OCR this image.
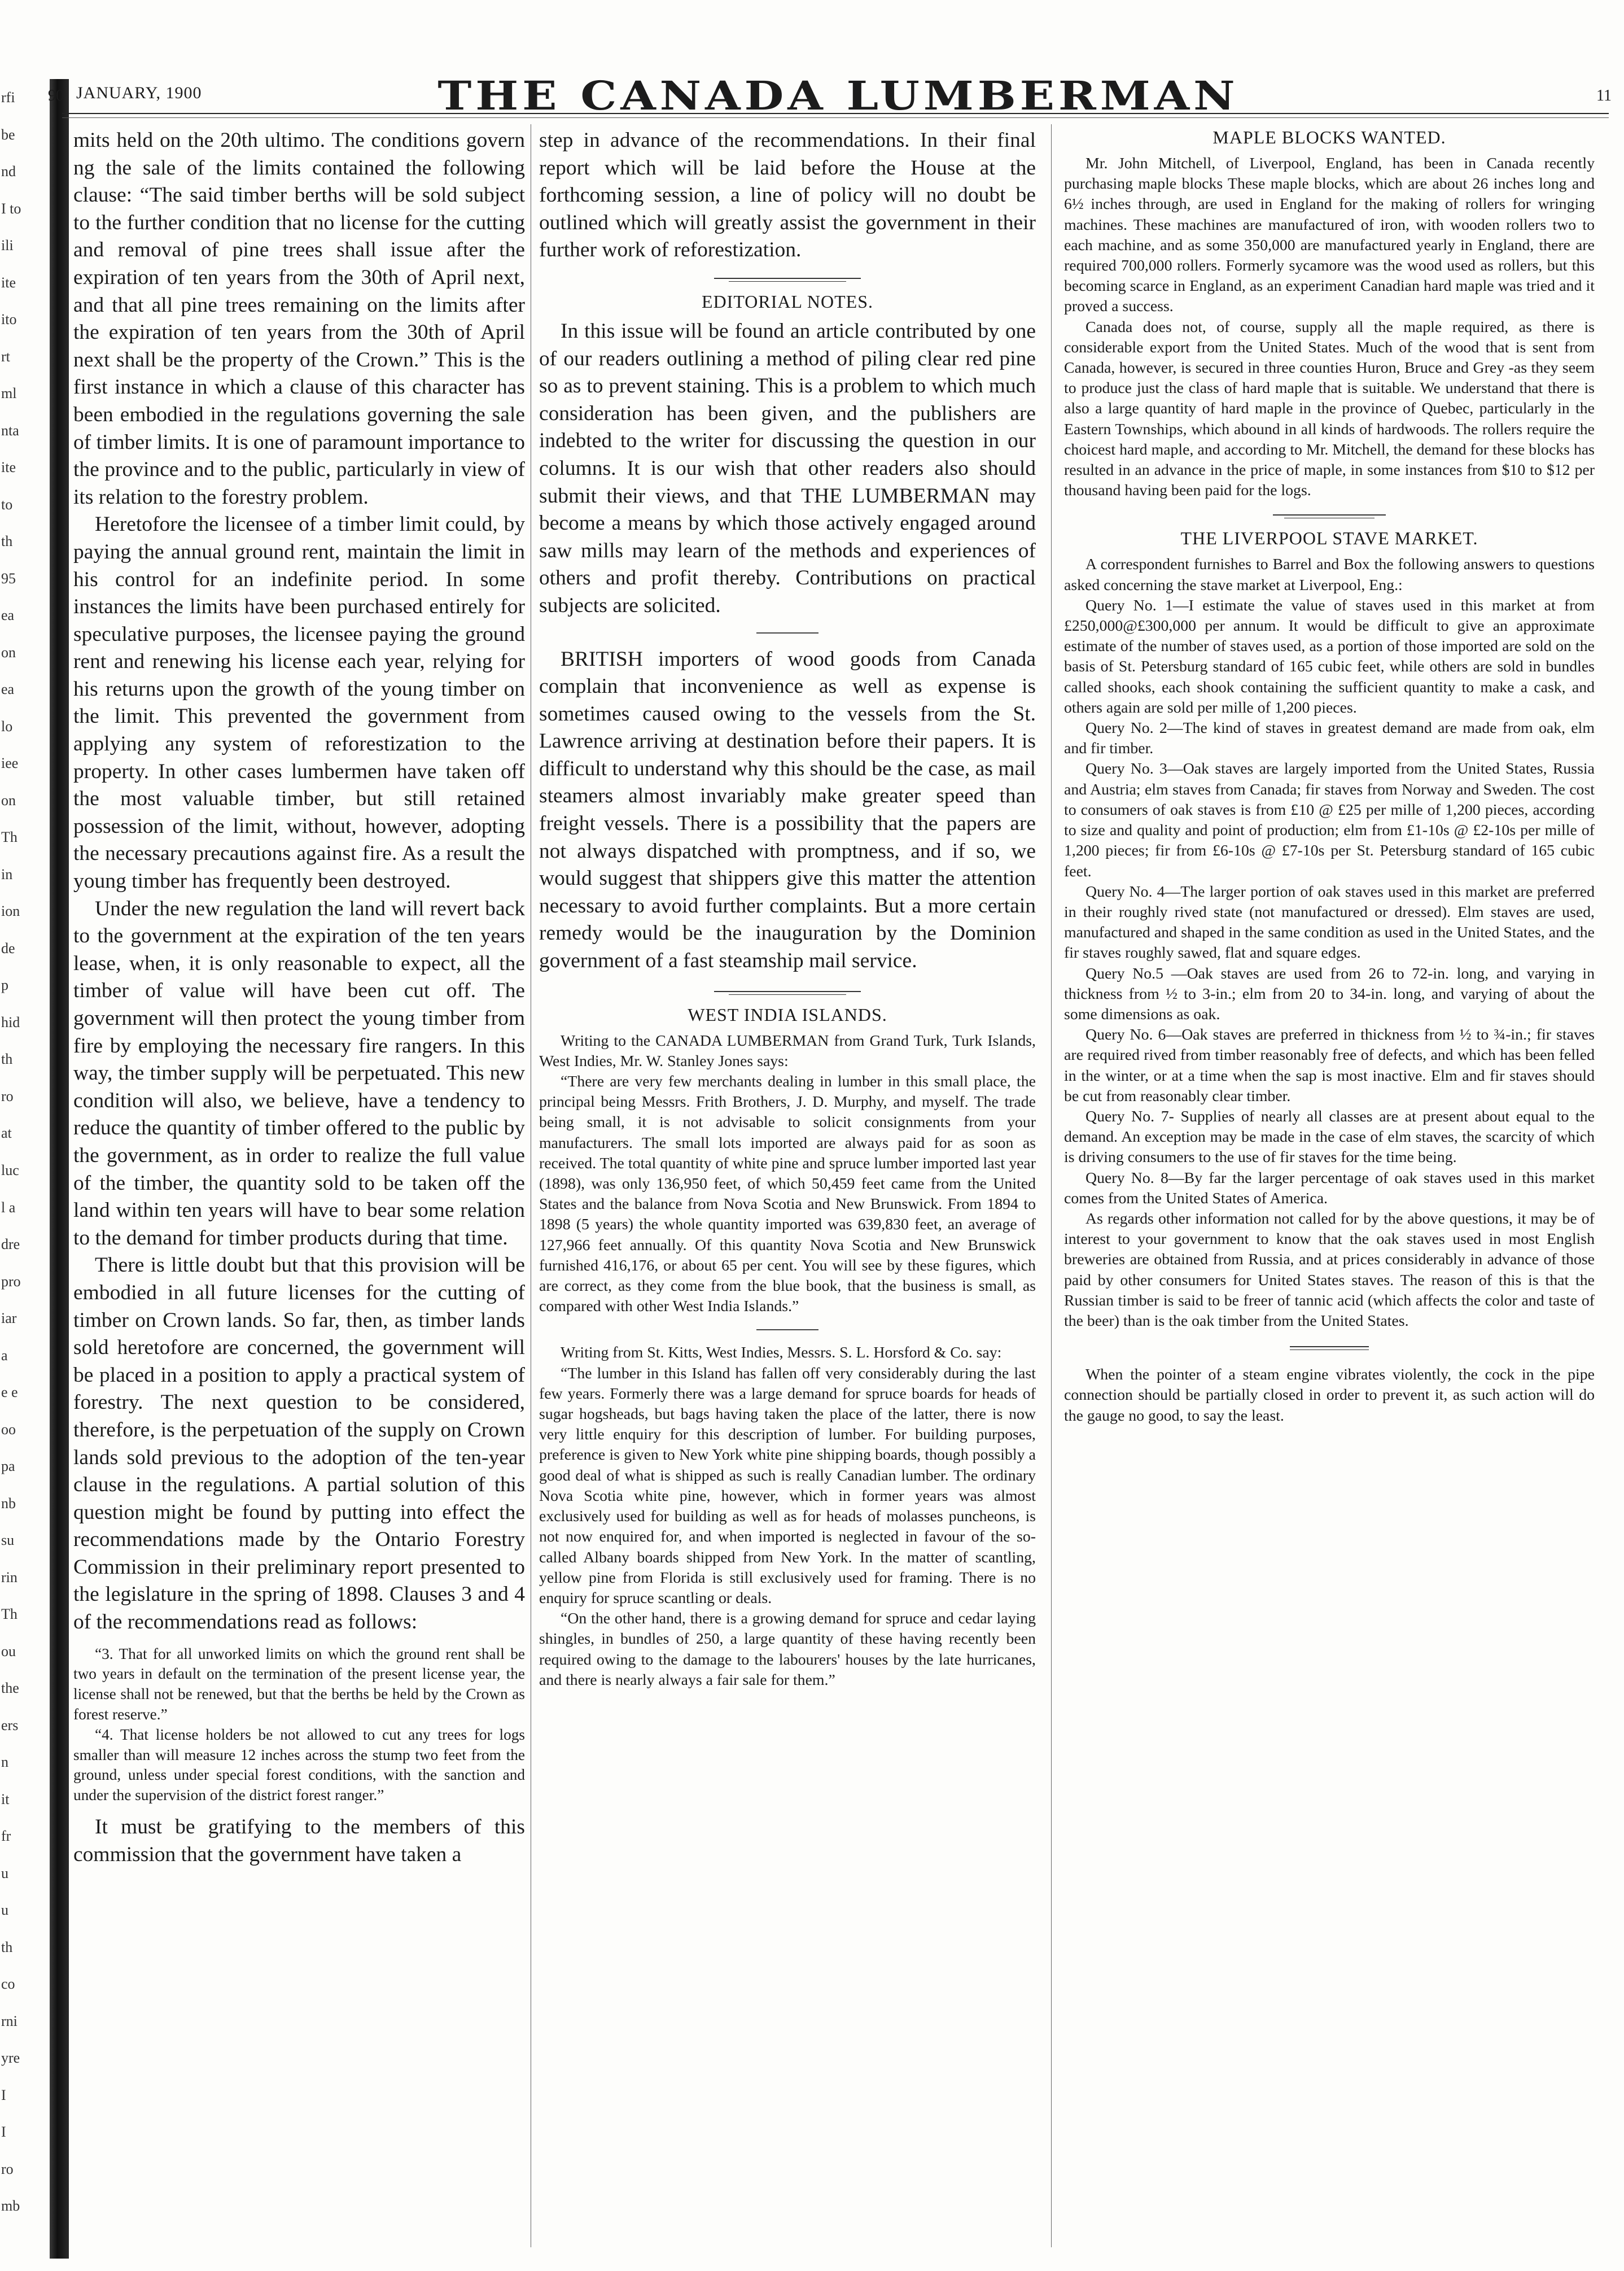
rfi
be
nd
I to
ili
ite
ito
rt
ml
nta
ite
to
th
95
ea
on
ea
lo
iee
on
Th
in
ion
de
p
hid
th
ro
at
luc
l a
dre
pro
iar
a
e e
oo
pa
nb
su
rin
Th
ou
the
ers
n
it
fr
u
u
th
co
rni
yre
I
I
ro
mb
90 JANUARY, 1900	THE CANADA LUMBERMAN	11

mits held on the 20th ultimo. The conditions govern ng the sale of the limits contained the following clause: “The said timber berths will be sold subject to the further condition that no license for the cutting and removal of pine trees shall issue after the expiration of ten years from the 30th of April next, and that all pine trees remaining on the limits after the expiration of ten years from the 30th of April next shall be the property of the Crown.” This is the first instance in which a clause of this character has been embodied in the regulations governing the sale of timber limits. It is one of paramount importance to the province and to the public, particularly in view of its relation to the forestry problem.

Heretofore the licensee of a timber limit could, by paying the annual ground rent, maintain the limit in his control for an indefinite period. In some instances the limits have been purchased entirely for speculative purposes, the licensee paying the ground rent and renewing his license each year, relying for his returns upon the growth of the young timber on the limit. This prevented the government from applying any system of reforestization to the property. In other cases lumbermen have taken off the most valuable timber, but still retained possession of the limit, without, however, adopting the necessary precautions against fire. As a result the young timber has frequently been destroyed.

Under the new regulation the land will revert back to the government at the expiration of the ten years lease, when, it is only reasonable to expect, all the timber of value will have been cut off. The government will then protect the young timber from fire by employing the necessary fire rangers. In this way, the timber supply will be perpetuated. This new condition will also, we believe, have a tendency to reduce the quantity of timber offered to the public by the government, as in order to realize the full value of the timber, the quantity sold to be taken off the land within ten years will have to bear some relation to the demand for timber products during that time.

There is little doubt but that this provision will be embodied in all future licenses for the cutting of timber on Crown lands. So far, then, as timber lands sold heretofore are concerned, the government will be placed in a position to apply a practical system of forestry. The next question to be considered, therefore, is the perpetuation of the supply on Crown lands sold previous to the adoption of the ten-year clause in the regulations. A partial solution of this question might be found by putting into effect the recommendations made by the Ontario Forestry Commission in their preliminary report presented to the legislature in the spring of 1898. Clauses 3 and 4 of the recommendations read as follows:

“3. That for all unworked limits on which the ground rent shall be two years in default on the termination of the present license year, the license shall not be renewed, but that the berths be held by the Crown as forest reserve.”

“4. That license holders be not allowed to cut any trees for logs smaller than will measure 12 inches across the stump two feet from the ground, unless under special forest conditions, with the sanction and under the supervision of the district forest ranger.”

It must be gratifying to the members of this commission that the government have taken a

step in advance of the recommendations. In their final report which will be laid before the House at the forthcoming session, a line of policy will no doubt be outlined which will greatly assist the government in their further work of reforestization.

EDITORIAL NOTES.

In this issue will be found an article contributed by one of our readers outlining a method of piling clear red pine so as to prevent staining. This is a problem to which much consideration has been given, and the publishers are indebted to the writer for discussing the question in our columns. It is our wish that other readers also should submit their views, and that THE LUMBERMAN may become a means by which those actively engaged around saw mills may learn of the methods and experiences of others and profit thereby. Contributions on practical subjects are solicited.

BRITISH importers of wood goods from Canada complain that inconvenience as well as expense is sometimes caused owing to the vessels from the St. Lawrence arriving at destination before their papers. It is difficult to understand why this should be the case, as mail steamers almost invariably make greater speed than freight vessels. There is a possibility that the papers are not always dispatched with promptness, and if so, we would suggest that shippers give this matter the attention necessary to avoid further complaints. But a more certain remedy would be the inauguration by the Dominion government of a fast steamship mail service.

WEST INDIA ISLANDS.

Writing to the CANADA LUMBERMAN from Grand Turk, Turk Islands, West Indies, Mr. W. Stanley Jones says:

“There are very few merchants dealing in lumber in this small place, the principal being Messrs. Frith Brothers, J. D. Murphy, and myself. The trade being small, it is not advisable to solicit consignments from your manufacturers. The small lots imported are always paid for as soon as received. The total quantity of white pine and spruce lumber imported last year (1898), was only 136,950 feet, of which 50,459 feet came from the United States and the balance from Nova Scotia and New Brunswick. From 1894 to 1898 (5 years) the whole quantity imported was 639,830 feet, an average of 127,966 feet annually. Of this quantity Nova Scotia and New Brunswick furnished 416,176, or about 65 per cent. You will see by these figures, which are correct, as they come from the blue book, that the business is small, as compared with other West India Islands.”

Writing from St. Kitts, West Indies, Messrs. S. L. Horsford & Co. say:

“The lumber in this Island has fallen off very considerably during the last few years. Formerly there was a large demand for spruce boards for heads of sugar hogsheads, but bags having taken the place of the latter, there is now very little enquiry for this description of lumber. For building purposes, preference is given to New York white pine shipping boards, though possibly a good deal of what is shipped as such is really Canadian lumber. The ordinary Nova Scotia white pine, however, which in former years was almost exclusively used for building as well as for heads of molasses puncheons, is not now enquired for, and when imported is neglected in favour of the so-called Albany boards shipped from New York. In the matter of scantling, yellow pine from Florida is still exclusively used for framing. There is no enquiry for spruce scantling or deals.

“On the other hand, there is a growing demand for spruce and cedar laying shingles, in bundles of 250, a large quantity of these having recently been required owing to the damage to the labourers' houses by the late hurricanes, and there is nearly always a fair sale for them.”

MAPLE BLOCKS WANTED.

Mr. John Mitchell, of Liverpool, England, has been in Canada recently purchasing maple blocks These maple blocks, which are about 26 inches long and 6½ inches through, are used in England for the making of rollers for wringing machines. These machines are manufactured of iron, with wooden rollers two to each machine, and as some 350,000 are manufactured yearly in England, there are required 700,000 rollers. Formerly sycamore was the wood used as rollers, but this becoming scarce in England, as an experiment Canadian hard maple was tried and it proved a success.

Canada does not, of course, supply all the maple required, as there is considerable export from the United States. Much of the wood that is sent from Canada, however, is secured in three counties Huron, Bruce and Grey -as they seem to produce just the class of hard maple that is suitable. We understand that there is also a large quantity of hard maple in the province of Quebec, particularly in the Eastern Townships, which abound in all kinds of hardwoods. The rollers require the choicest hard maple, and according to Mr. Mitchell, the demand for these blocks has resulted in an advance in the price of maple, in some instances from $10 to $12 per thousand having been paid for the logs.

THE LIVERPOOL STAVE MARKET.

A correspondent furnishes to Barrel and Box the following answers to questions asked concerning the stave market at Liverpool, Eng.:

Query No. 1—I estimate the value of staves used in this market at from £250,000@£300,000 per annum. It would be difficult to give an approximate estimate of the number of staves used, as a portion of those imported are sold on the basis of St. Petersburg standard of 165 cubic feet, while others are sold in bundles called shooks, each shook containing the sufficient quantity to make a cask, and others again are sold per mille of 1,200 pieces.

Query No. 2—The kind of staves in greatest demand are made from oak, elm and fir timber.

Query No. 3—Oak staves are largely imported from the United States, Russia and Austria; elm staves from Canada; fir staves from Norway and Sweden. The cost to consumers of oak staves is from £10 @ £25 per mille of 1,200 pieces, according to size and quality and point of production; elm from £1-10s @ £2-10s per mille of 1,200 pieces; fir from £6-10s @ £7-10s per St. Petersburg standard of 165 cubic feet.

Query No. 4—The larger portion of oak staves used in this market are preferred in their roughly rived state (not manufactured or dressed). Elm staves are used, manufactured and shaped in the same condition as used in the United States, and the fir staves roughly sawed, flat and square edges.

Query No.5 —Oak staves are used from 26 to 72-in. long, and varying in thickness from ½ to 3-in.; elm from 20 to 34-in. long, and varying of about the some dimensions as oak.

Query No. 6—Oak staves are preferred in thickness from ½ to ¾-in.; fir staves are required rived from timber reasonably free of defects, and which has been felled in the winter, or at a time when the sap is most inactive. Elm and fir staves should be cut from reasonably clear timber.

Query No. 7- Supplies of nearly all classes are at present about equal to the demand. An exception may be made in the case of elm staves, the scarcity of which is driving consumers to the use of fir staves for the time being.

Query No. 8—By far the larger percentage of oak staves used in this market comes from the United States of America.

As regards other information not called for by the above questions, it may be of interest to your government to know that the oak staves used in most English breweries are obtained from Russia, and at prices considerably in advance of those paid by other consumers for United States staves. The reason of this is that the Russian timber is said to be freer of tannic acid (which affects the color and taste of the beer) than is the oak timber from the United States.

When the pointer of a steam engine vibrates violently, the cock in the pipe connection should be partially closed in order to prevent it, as such action will do the gauge no good, to say the least.
